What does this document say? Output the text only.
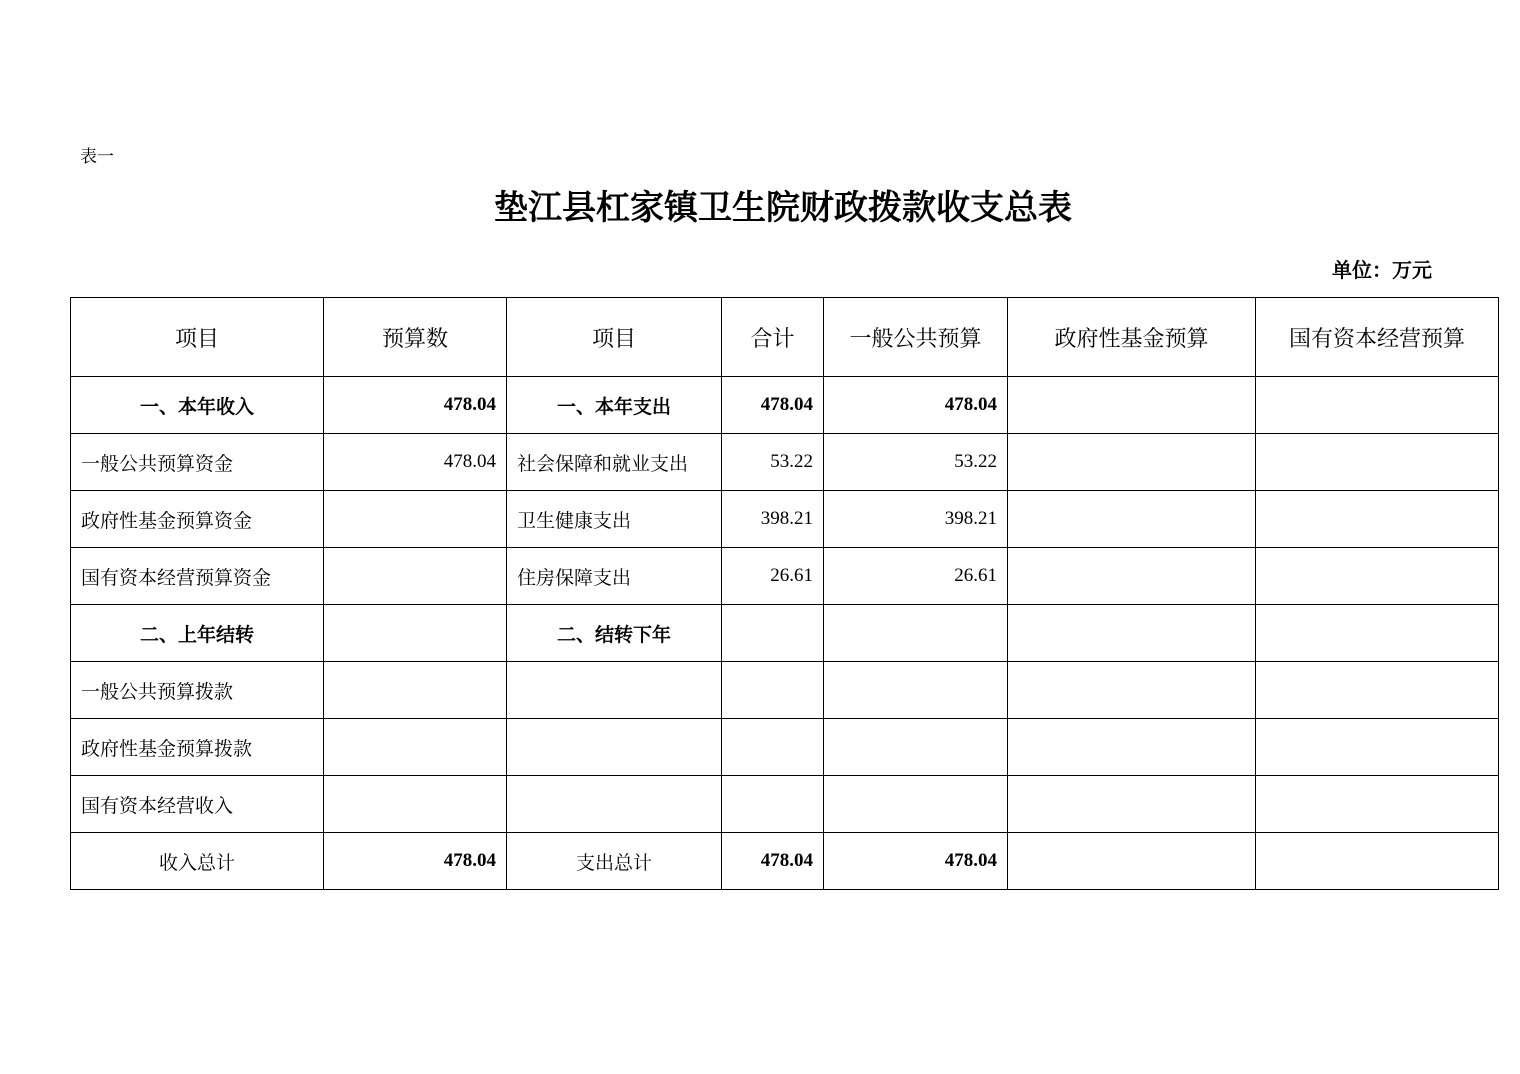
表一
垫江县杠家镇卫生院财政拨款收支总表
单位：万元
项目	预算数	项目	合计	一般公共预算	政府性基金预算	国有资本经营预算
一、本年收入	478.04	一、本年支出	478.04	478.04		
一般公共预算资金	478.04	社会保障和就业支出	53.22	53.22		
政府性基金预算资金		卫生健康支出	398.21	398.21		
国有资本经营预算资金		住房保障支出	26.61	26.61		
二、上年结转		二、结转下年				
一般公共预算拨款						
政府性基金预算拨款						
国有资本经营收入						
收入总计	478.04	支出总计	478.04	478.04		
